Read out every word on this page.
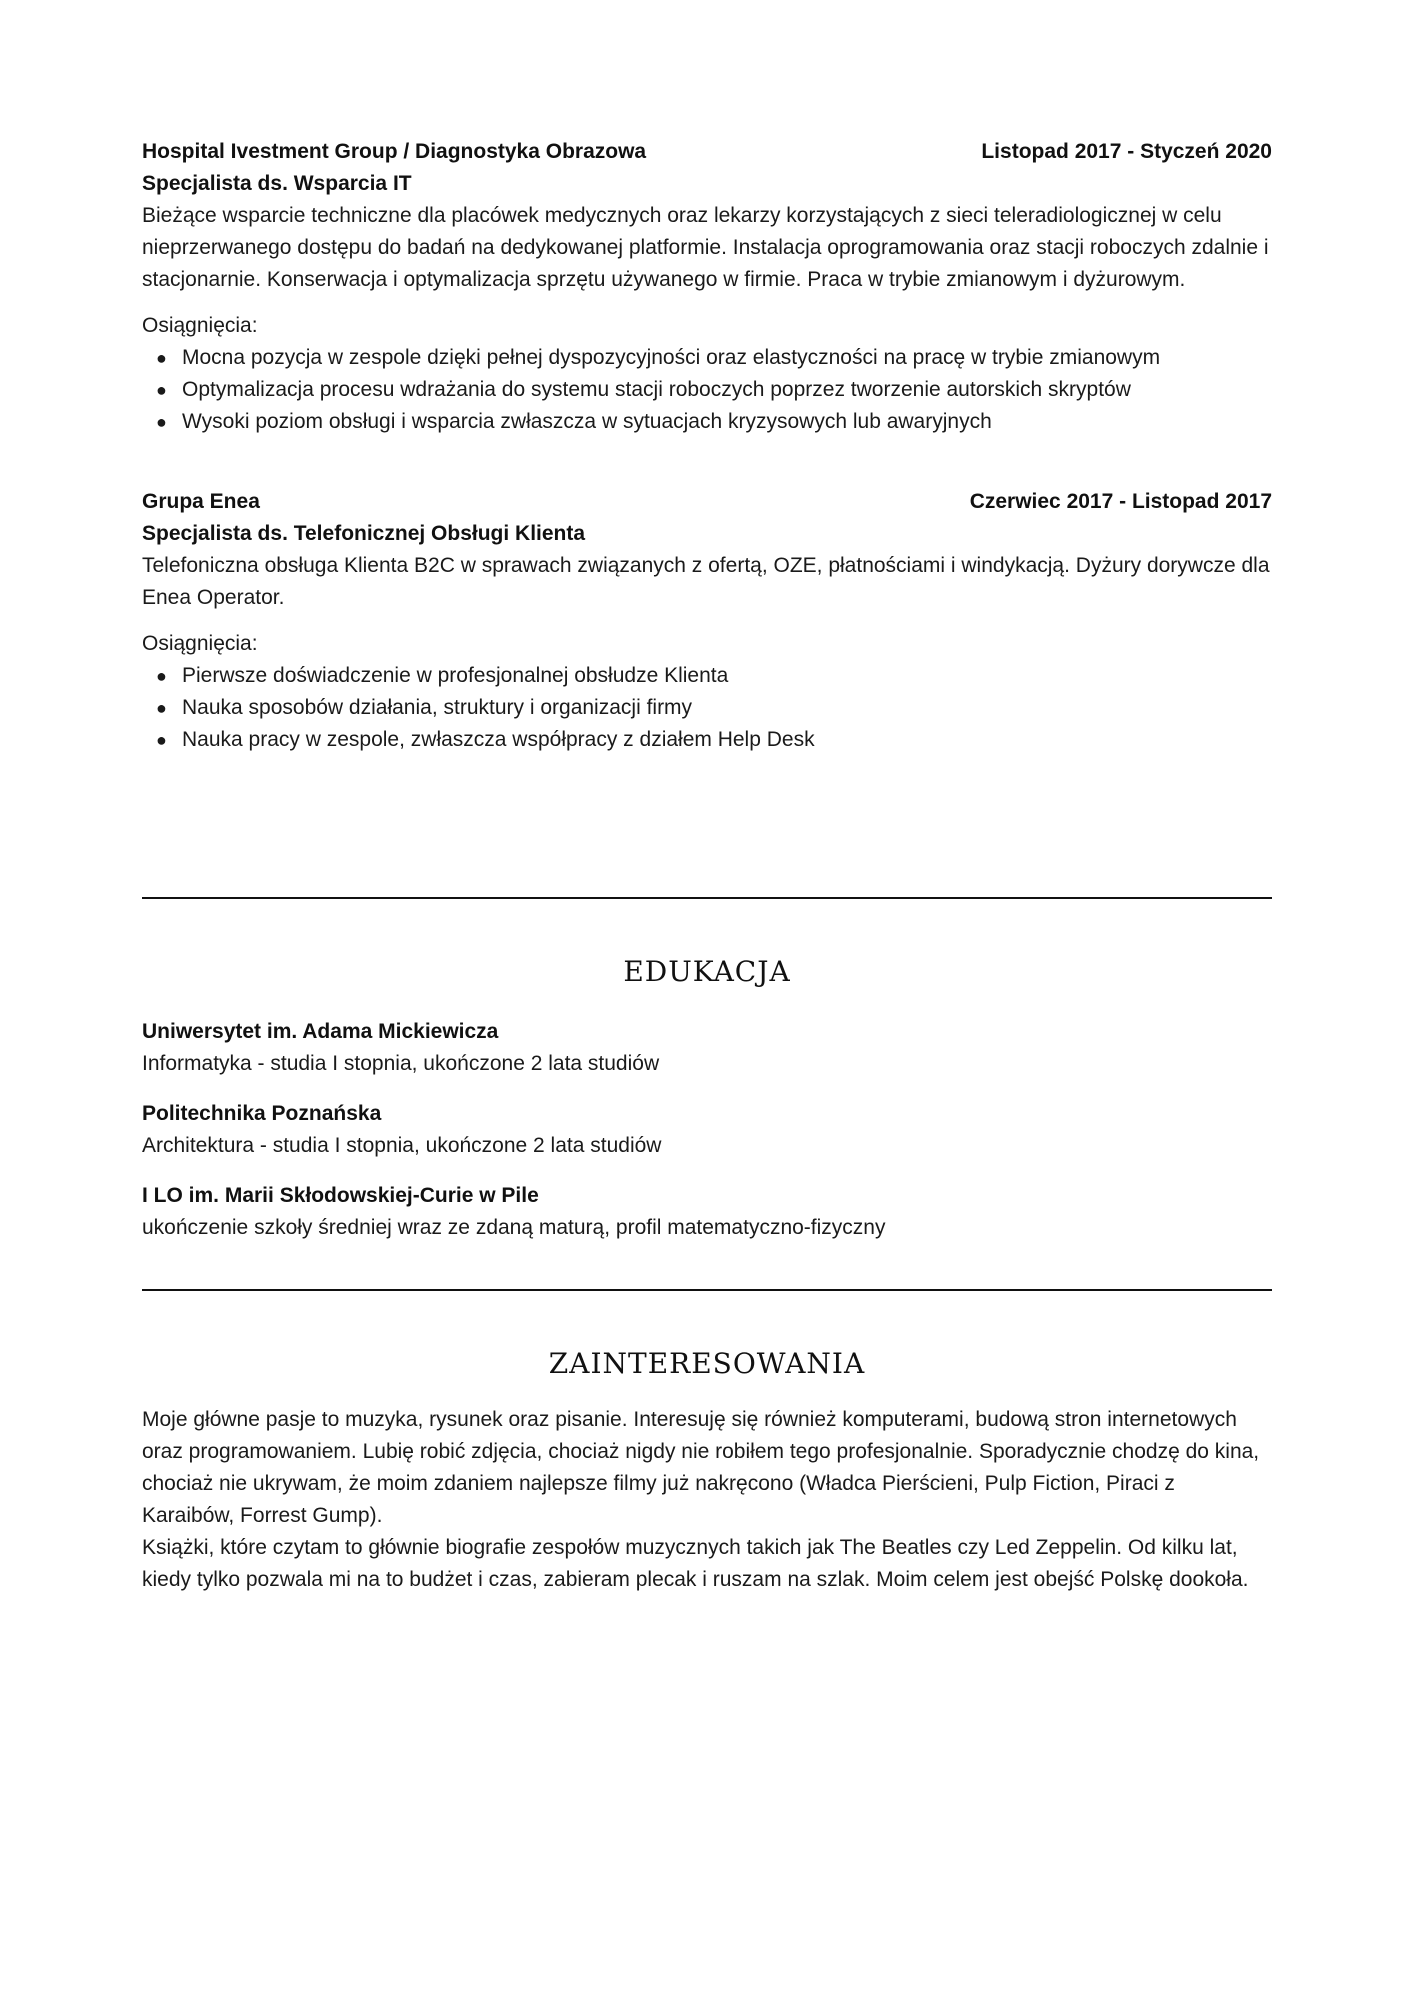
Hospital Ivestment Group / Diagnostyka Obrazowa	Listopad 2017 - Styczeń 2020
Specjalista ds. Wsparcia IT

Bieżące wsparcie techniczne dla placówek medycznych oraz lekarzy korzystających z sieci teleradiologicznej w celu nieprzerwanego dostępu do badań na dedykowanej platformie. Instalacja oprogramowania oraz stacji roboczych zdalnie i stacjonarnie. Konserwacja i optymalizacja sprzętu używanego w firmie. Praca w trybie zmianowym i dyżurowym.

Osiągnięcia:
● Mocna pozycja w zespole dzięki pełnej dyspozycyjności oraz elastyczności na pracę w trybie zmianowym
● Optymalizacja procesu wdrażania do systemu stacji roboczych poprzez tworzenie autorskich skryptów
● Wysoki poziom obsługi i wsparcia zwłaszcza w sytuacjach kryzysowych lub awaryjnych
Grupa Enea	Czerwiec 2017 - Listopad 2017
Specjalista ds. Telefonicznej Obsługi Klienta

Telefoniczna obsługa Klienta B2C w sprawach związanych z ofertą, OZE, płatnościami i windykacją. Dyżury dorywcze dla Enea Operator.

Osiągnięcia:
● Pierwsze doświadczenie w profesjonalnej obsłudze Klienta
● Nauka sposobów działania, struktury i organizacji firmy
● Nauka pracy w zespole, zwłaszcza współpracy z działem Help Desk
EDUKACJA
Uniwersytet im. Adama Mickiewicza
Informatyka - studia I stopnia, ukończone 2 lata studiów
Politechnika Poznańska
Architektura - studia I stopnia, ukończone 2 lata studiów
I LO im. Marii Skłodowskiej-Curie w Pile
ukończenie szkoły średniej wraz ze zdaną maturą, profil matematyczno-fizyczny
ZAINTERESOWANIA

Moje główne pasje to muzyka, rysunek oraz pisanie. Interesuję się również komputerami, budową stron internetowych oraz programowaniem. Lubię robić zdjęcia, chociaż nigdy nie robiłem tego profesjonalnie. Sporadycznie chodzę do kina, chociaż nie ukrywam, że moim zdaniem najlepsze filmy już nakręcono (Władca Pierścieni, Pulp Fiction, Piraci z Karaibów, Forrest Gump).

Książki, które czytam to głównie biografie zespołów muzycznych takich jak The Beatles czy Led Zeppelin. Od kilku lat, kiedy tylko pozwala mi na to budżet i czas, zabieram plecak i ruszam na szlak. Moim celem jest obejść Polskę dookoła.
